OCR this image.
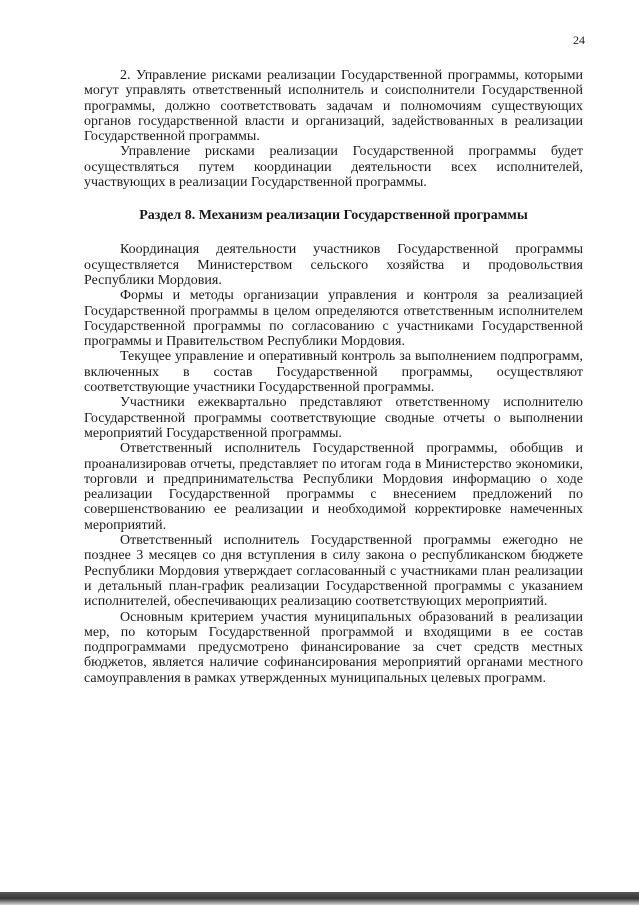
24

2. Управление рисками реализации Государственной программы, которыми могут управлять ответственный исполнитель и соисполнители Государственной программы, должно соответствовать задачам и полномочиям существующих органов государственной власти и организаций, задействованных в реализации Государственной программы.

Управление рисками реализации Государственной программы будет осуществляться путем координации деятельности всех исполнителей, участвующих в реализации Государственной программы.

Раздел 8. Механизм реализации Государственной программы

Координация деятельности участников Государственной программы осуществляется Министерством сельского хозяйства и продовольствия Республики Мордовия.

Формы и методы организации управления и контроля за реализацией Государственной программы в целом определяются ответственным исполнителем Государственной программы по согласованию с участниками Государственной программы и Правительством Республики Мордовия.

Текущее управление и оперативный контроль за выполнением подпрограмм, включенных в состав Государственной программы, осуществляют соответствующие участники Государственной программы.

Участники ежеквартально представляют ответственному исполнителю Государственной программы соответствующие сводные отчеты о выполнении мероприятий Государственной программы.

Ответственный исполнитель Государственной программы, обобщив и проанализировав отчеты, представляет по итогам года в Министерство экономики, торговли и предпринимательства Республики Мордовия информацию о ходе реализации Государственной программы с внесением предложений по совершенствованию ее реализации и необходимой корректировке намеченных мероприятий.

Ответственный исполнитель Государственной программы ежегодно не позднее 3 месяцев со дня вступления в силу закона о республиканском бюджете Республики Мордовия утверждает согласованный с участниками план реализации и детальный план-график реализации Государственной программы с указанием исполнителей, обеспечивающих реализацию соответствующих мероприятий.

Основным критерием участия муниципальных образований в реализации мер, по которым Государственной программой и входящими в ее состав подпрограммами предусмотрено финансирование за счет средств местных бюджетов, является наличие софинансирования мероприятий органами местного самоуправления в рамках утвержденных муниципальных целевых программ.
